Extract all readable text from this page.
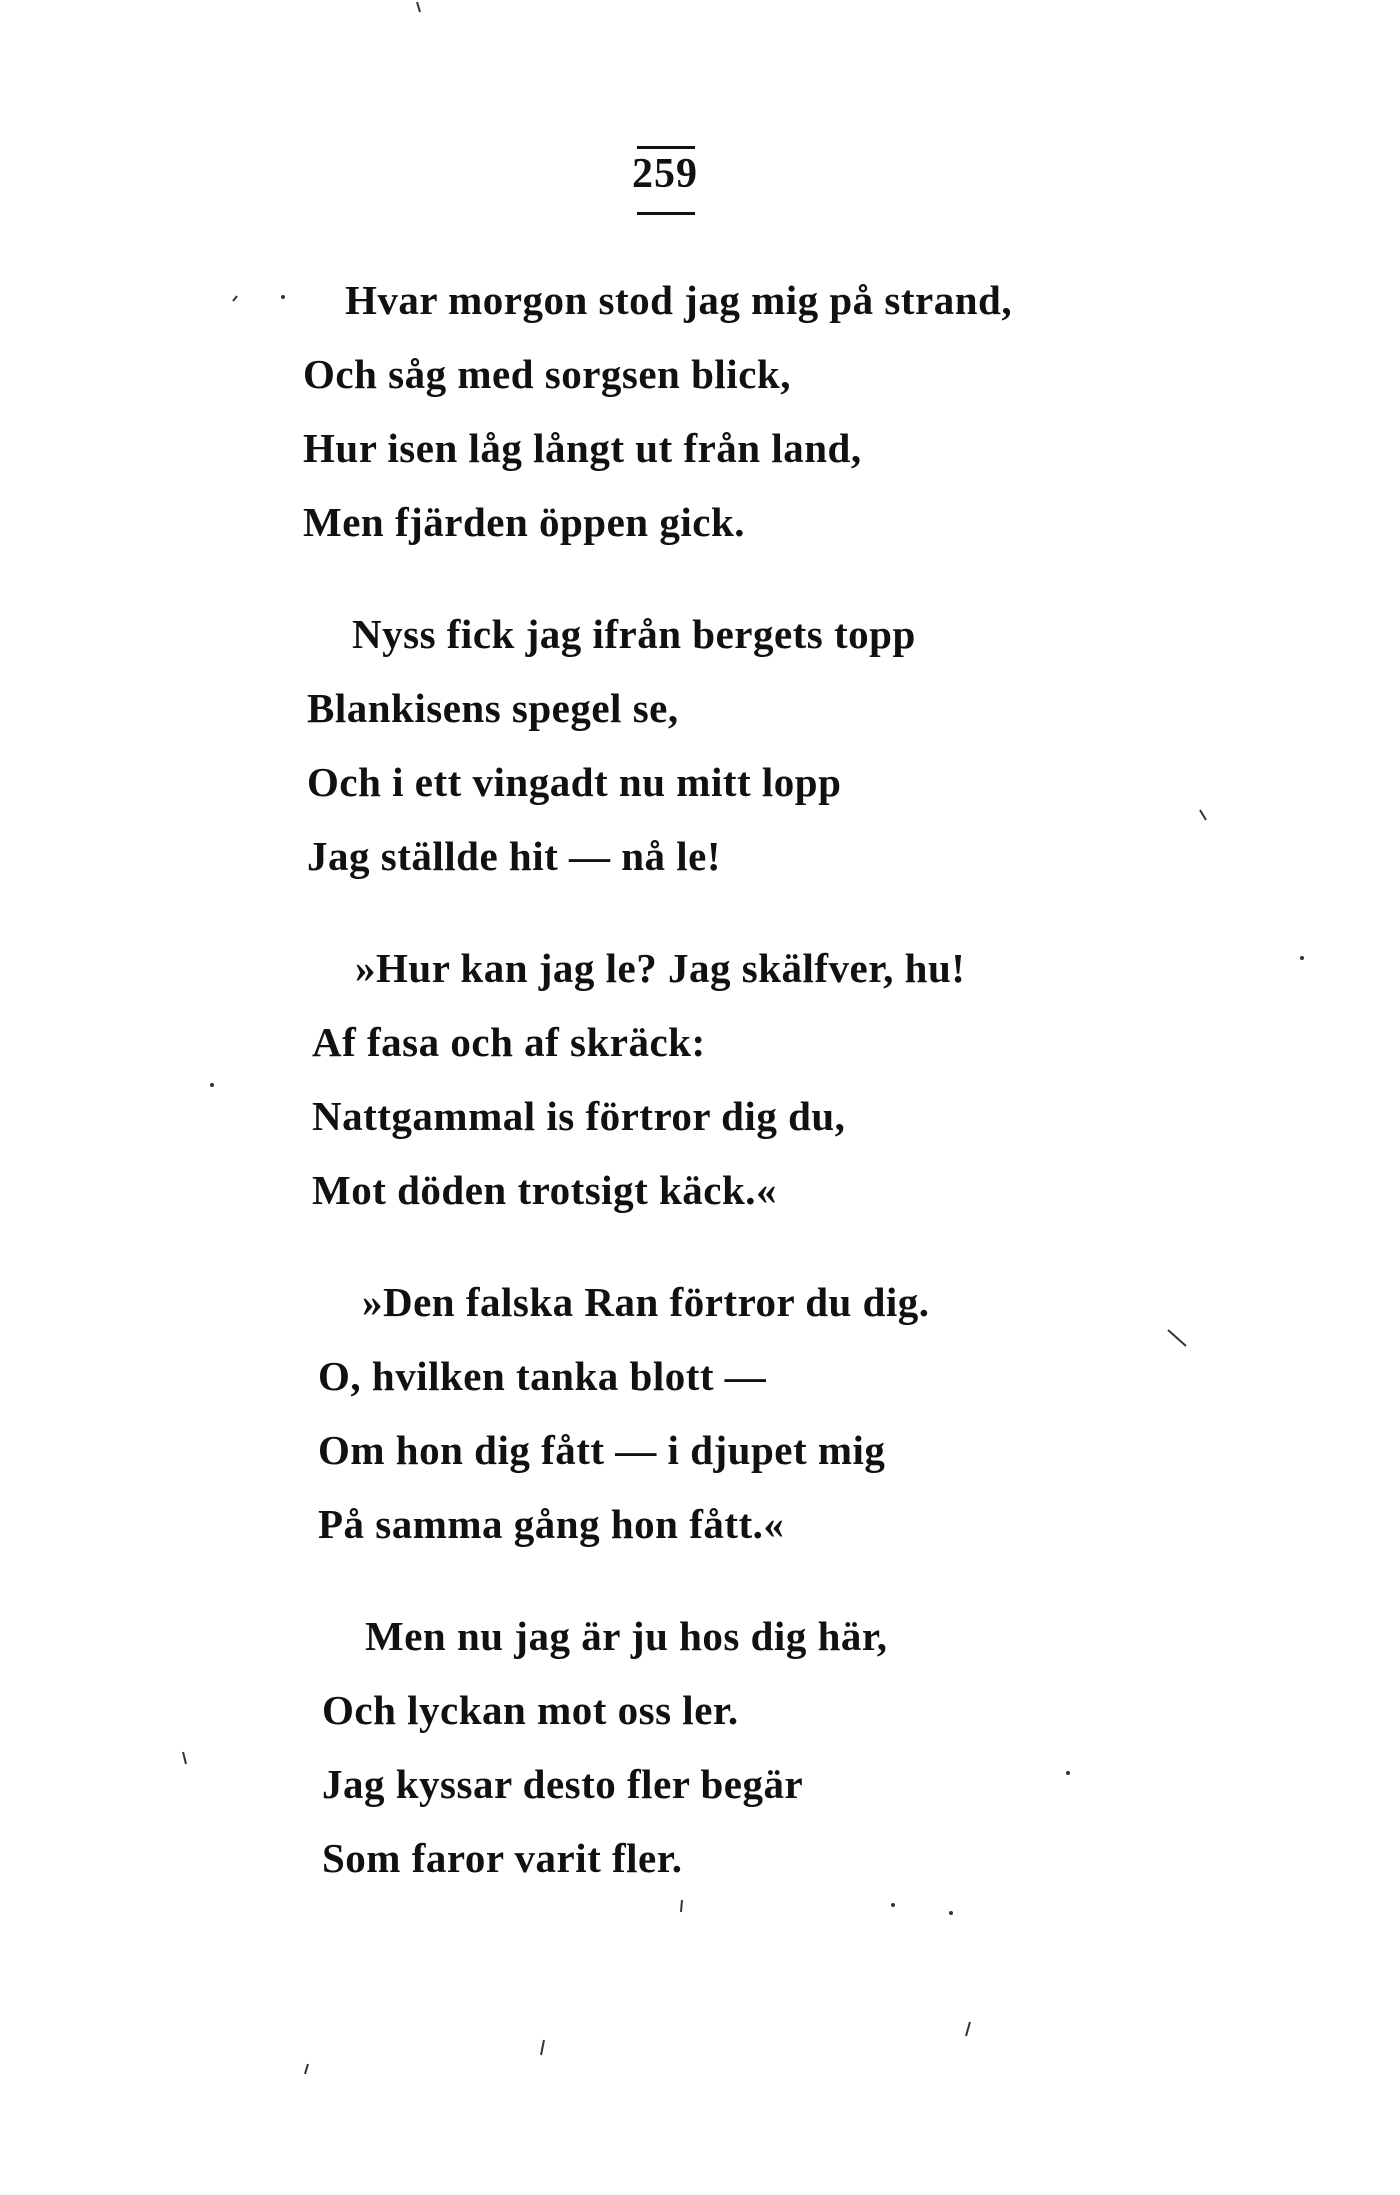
259
Hvar morgon stod jag mig på strand,
Och såg med sorgsen blick,
Hur isen låg långt ut från land,
Men fjärden öppen gick.
Nyss fick jag ifrån bergets topp
Blankisens spegel se,
Och i ett vingadt nu mitt lopp
Jag ställde hit — nå le!
»Hur kan jag le? Jag skälfver, hu!
Af fasa och af skräck:
Nattgammal is förtror dig du,
Mot döden trotsigt käck.«
»Den falska Ran förtror du dig.
O, hvilken tanka blott —
Om hon dig fått — i djupet mig
På samma gång hon fått.«
Men nu jag är ju hos dig här,
Och lyckan mot oss ler.
Jag kyssar desto fler begär
Som faror varit fler.
